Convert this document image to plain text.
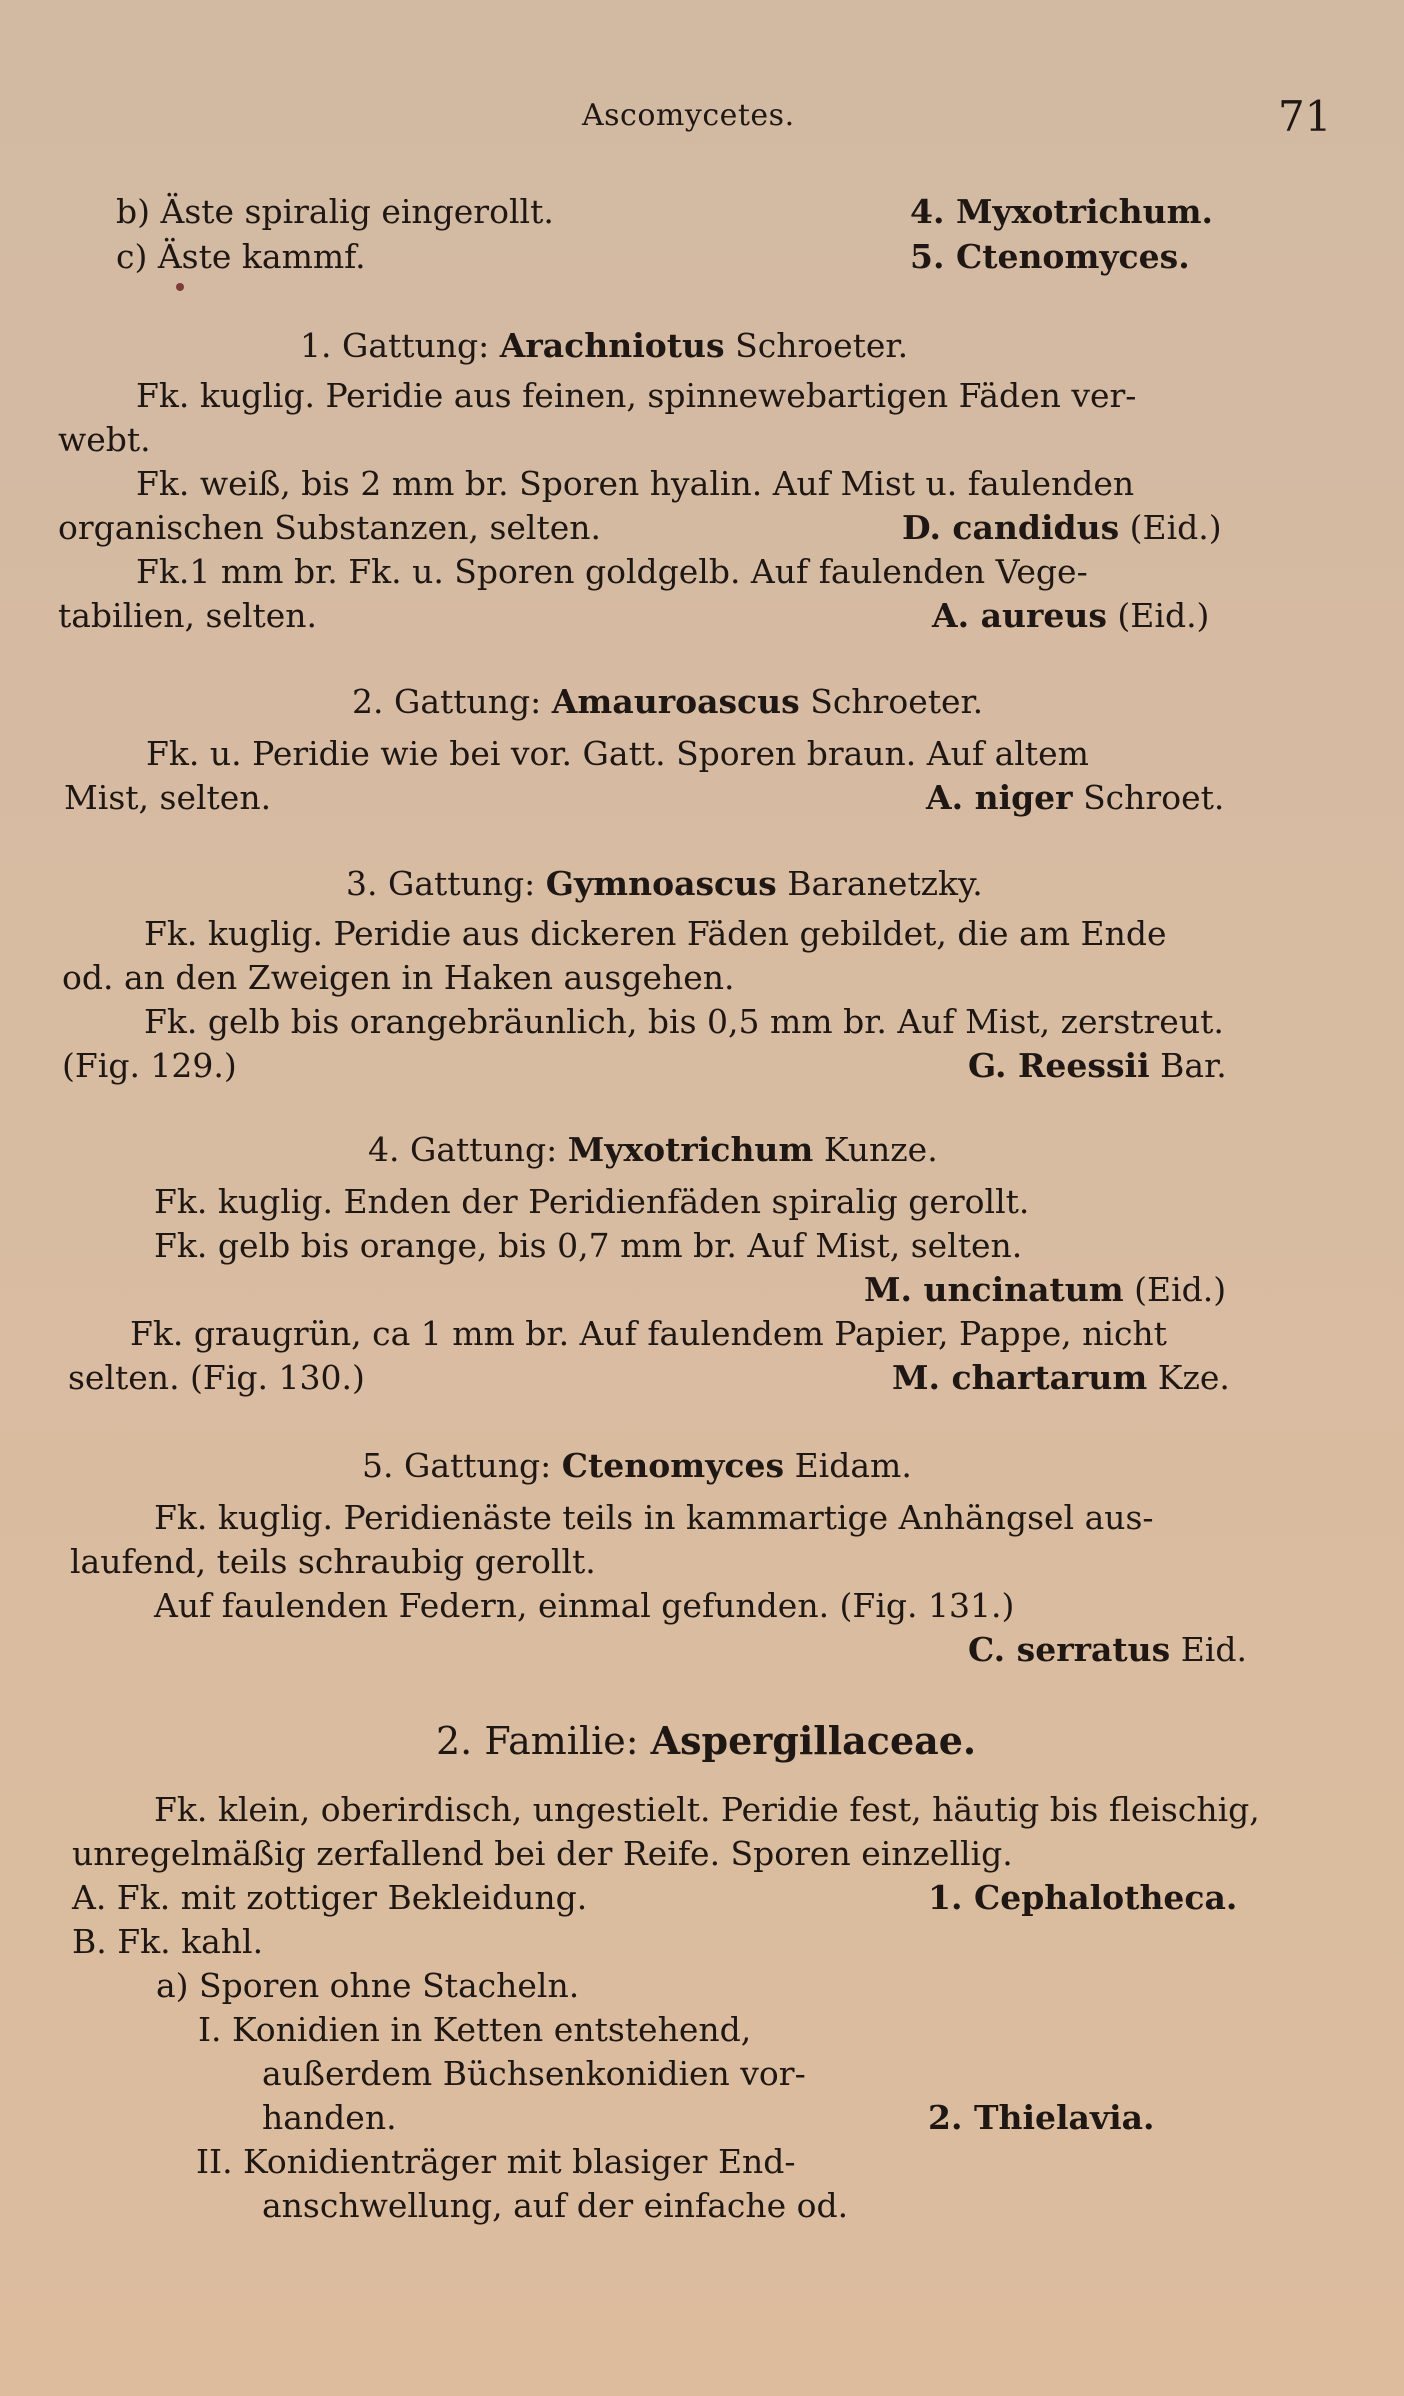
Ascomycetes.	71
b) Äste spiralig eingerollt.	4. Myxotrichum.
c) Äste kammf.	5. Ctenomyces.
1. Gattung: Arachniotus Schroeter.
Fk. kuglig. Peridie aus feinen, spinnewebartigen Fäden ver-
webt.
Fk. weiß, bis 2 mm br. Sporen hyalin. Auf Mist u. faulenden
organischen Substanzen, selten.	D. candidus (Eid.)
Fk.1 mm br. Fk. u. Sporen goldgelb. Auf faulenden Vege-
tabilien, selten.	A. aureus (Eid.)
2. Gattung: Amauroascus Schroeter.
Fk. u. Peridie wie bei vor. Gatt. Sporen braun. Auf altem
Mist, selten.	A. niger Schroet.
3. Gattung: Gymnoascus Baranetzky.
Fk. kuglig. Peridie aus dickeren Fäden gebildet, die am Ende
od. an den Zweigen in Haken ausgehen.
Fk. gelb bis orangebräunlich, bis 0,5 mm br. Auf Mist, zerstreut.
(Fig. 129.)	G. Reessii Bar.
4. Gattung: Myxotrichum Kunze.
Fk. kuglig. Enden der Peridienfäden spiralig gerollt.
Fk. gelb bis orange, bis 0,7 mm br. Auf Mist, selten.
M. uncinatum (Eid.)
Fk. graugrün, ca 1 mm br. Auf faulendem Papier, Pappe, nicht
selten. (Fig. 130.)	M. chartarum Kze.
5. Gattung: Ctenomyces Eidam.
Fk. kuglig. Peridienäste teils in kammartige Anhängsel aus-
laufend, teils schraubig gerollt.
Auf faulenden Federn, einmal gefunden. (Fig. 131.)
C. serratus Eid.
2. Familie: Aspergillaceae.
Fk. klein, oberirdisch, ungestielt. Peridie fest, häutig bis fleischig,
unregelmäßig zerfallend bei der Reife. Sporen einzellig.
A. Fk. mit zottiger Bekleidung.	1. Cephalotheca.
B. Fk. kahl.
a) Sporen ohne Stacheln.
I. Konidien in Ketten entstehend,
außerdem Büchsenkonidien vor-
handen.	2. Thielavia.
II. Konidienträger mit blasiger End-
anschwellung, auf der einfache od.
